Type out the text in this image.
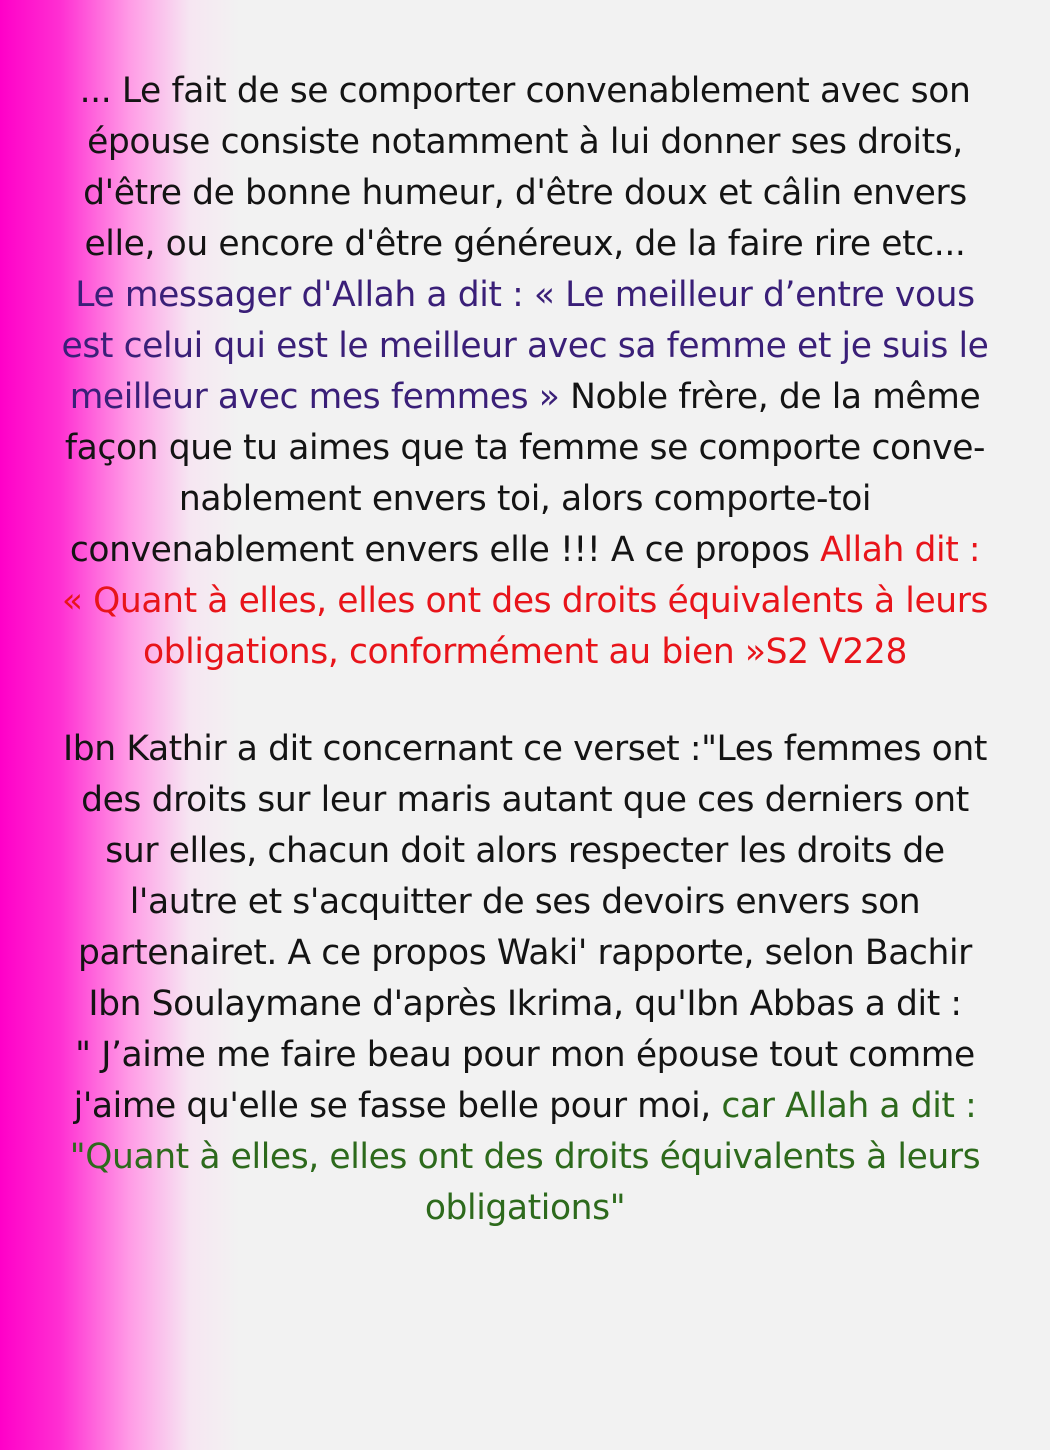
... Le fait de se comporter convenablement avec son
épouse consiste notamment à lui donner ses droits,
d'être de bonne humeur, d'être doux et câlin envers
elle, ou encore d'être généreux, de la faire rire etc...
Le messager d'Allah a dit : « Le meilleur d’entre vous
est celui qui est le meilleur avec sa femme et je suis le
meilleur avec mes femmes » Noble frère, de la même
façon que tu aimes que ta femme se comporte conve-
nablement envers toi, alors comporte-toi
convenablement envers elle !!! A ce propos Allah dit :
« Quant à elles, elles ont des droits équivalents à leurs
obligations, conformément au bien »S2 V228
Ibn Kathir a dit concernant ce verset :"Les femmes ont
des droits sur leur maris autant que ces derniers ont
sur elles, chacun doit alors respecter les droits de
l'autre et s'acquitter de ses devoirs envers son
partenairet. A ce propos Waki' rapporte, selon Bachir
Ibn Soulaymane d'après Ikrima, qu'Ibn Abbas a dit :
" J’aime me faire beau pour mon épouse tout comme
j'aime qu'elle se fasse belle pour moi, car Allah a dit :
"Quant à elles, elles ont des droits équivalents à leurs
obligations"
